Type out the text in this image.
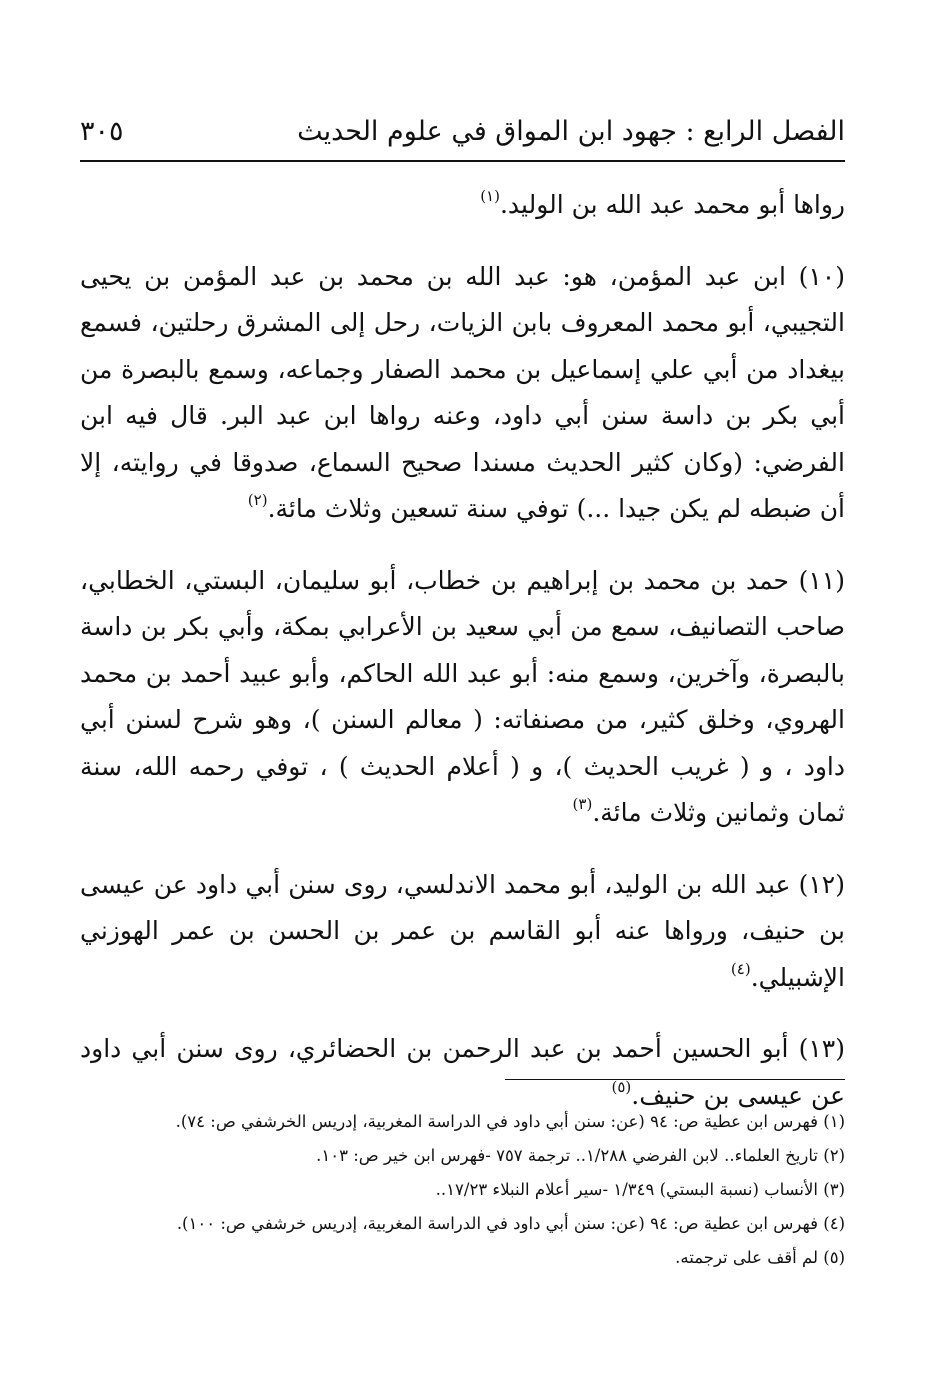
الفصل الرابع : جهود ابن المواق في علوم الحديث
٣٠٥

رواها أبو محمد عبد الله بن الوليد.$^{(١)}$

(١٠) ابن عبد المؤمن، هو: عبد الله بن محمد بن عبد المؤمن بن يحيى التجيبي، أبو محمد المعروف بابن الزيات، رحل إلى المشرق رحلتين، فسمع بيغداد من أبي علي إسماعيل بن محمد الصفار وجماعه، وسمع بالبصرة من أبي بكر بن داسة سنن أبي داود، وعنه رواها ابن عبد البر. قال فيه ابن الفرضي: (وكان كثير الحديث مسندا صحيح السماع، صدوقا في روايته، إلا أن ضبطه لم يكن جيدا ...) توفي سنة تسعين وثلاث مائة.$^{(٢)}$

(١١) حمد بن محمد بن إبراهيم بن خطاب، أبو سليمان، البستي، الخطابي، صاحب التصانيف، سمع من أبي سعيد بن الأعرابي بمكة، وأبي بكر بن داسة بالبصرة، وآخرين، وسمع منه: أبو عبد الله الحاكم، وأبو عبيد أحمد بن محمد الهروي، وخلق كثير، من مصنفاته: ( معالم السنن )، وهو شرح لسنن أبي داود ، و ( غريب الحديث )، و ( أعلام الحديث ) ، توفي رحمه الله، سنة ثمان وثمانين وثلاث مائة.$^{(٣)}$

(١٢) عبد الله بن الوليد، أبو محمد الاندلسي، روى سنن أبي داود عن عيسى بن حنيف، ورواها عنه أبو القاسم بن عمر بن الحسن بن عمر الهوزني الإشبيلي.$^{(٤)}$

(١٣) أبو الحسين أحمد بن عبد الرحمن بن الحضائري، روى سنن أبي داود عن عيسى بن حنيف.$^{(٥)}$

(١) فهرس ابن عطية ص: ٩٤ (عن: سنن أبي داود في الدراسة المغربية، إدريس الخرشفي ص: ٧٤).

(٢) تاريخ العلماء.. لابن الفرضي ١/٢٨٨.. ترجمة ٧٥٧ -فهرس ابن خير ص: ١٠٣.

(٣) الأنساب (نسبة البستي) ١/٣٤٩ -سير أعلام النبلاء ١٧/٢٣..

(٤) فهرس ابن عطية ص: ٩٤ (عن: سنن أبي داود في الدراسة المغربية، إدريس خرشفي ص: ١٠٠).

(٥) لم أقف على ترجمته.
